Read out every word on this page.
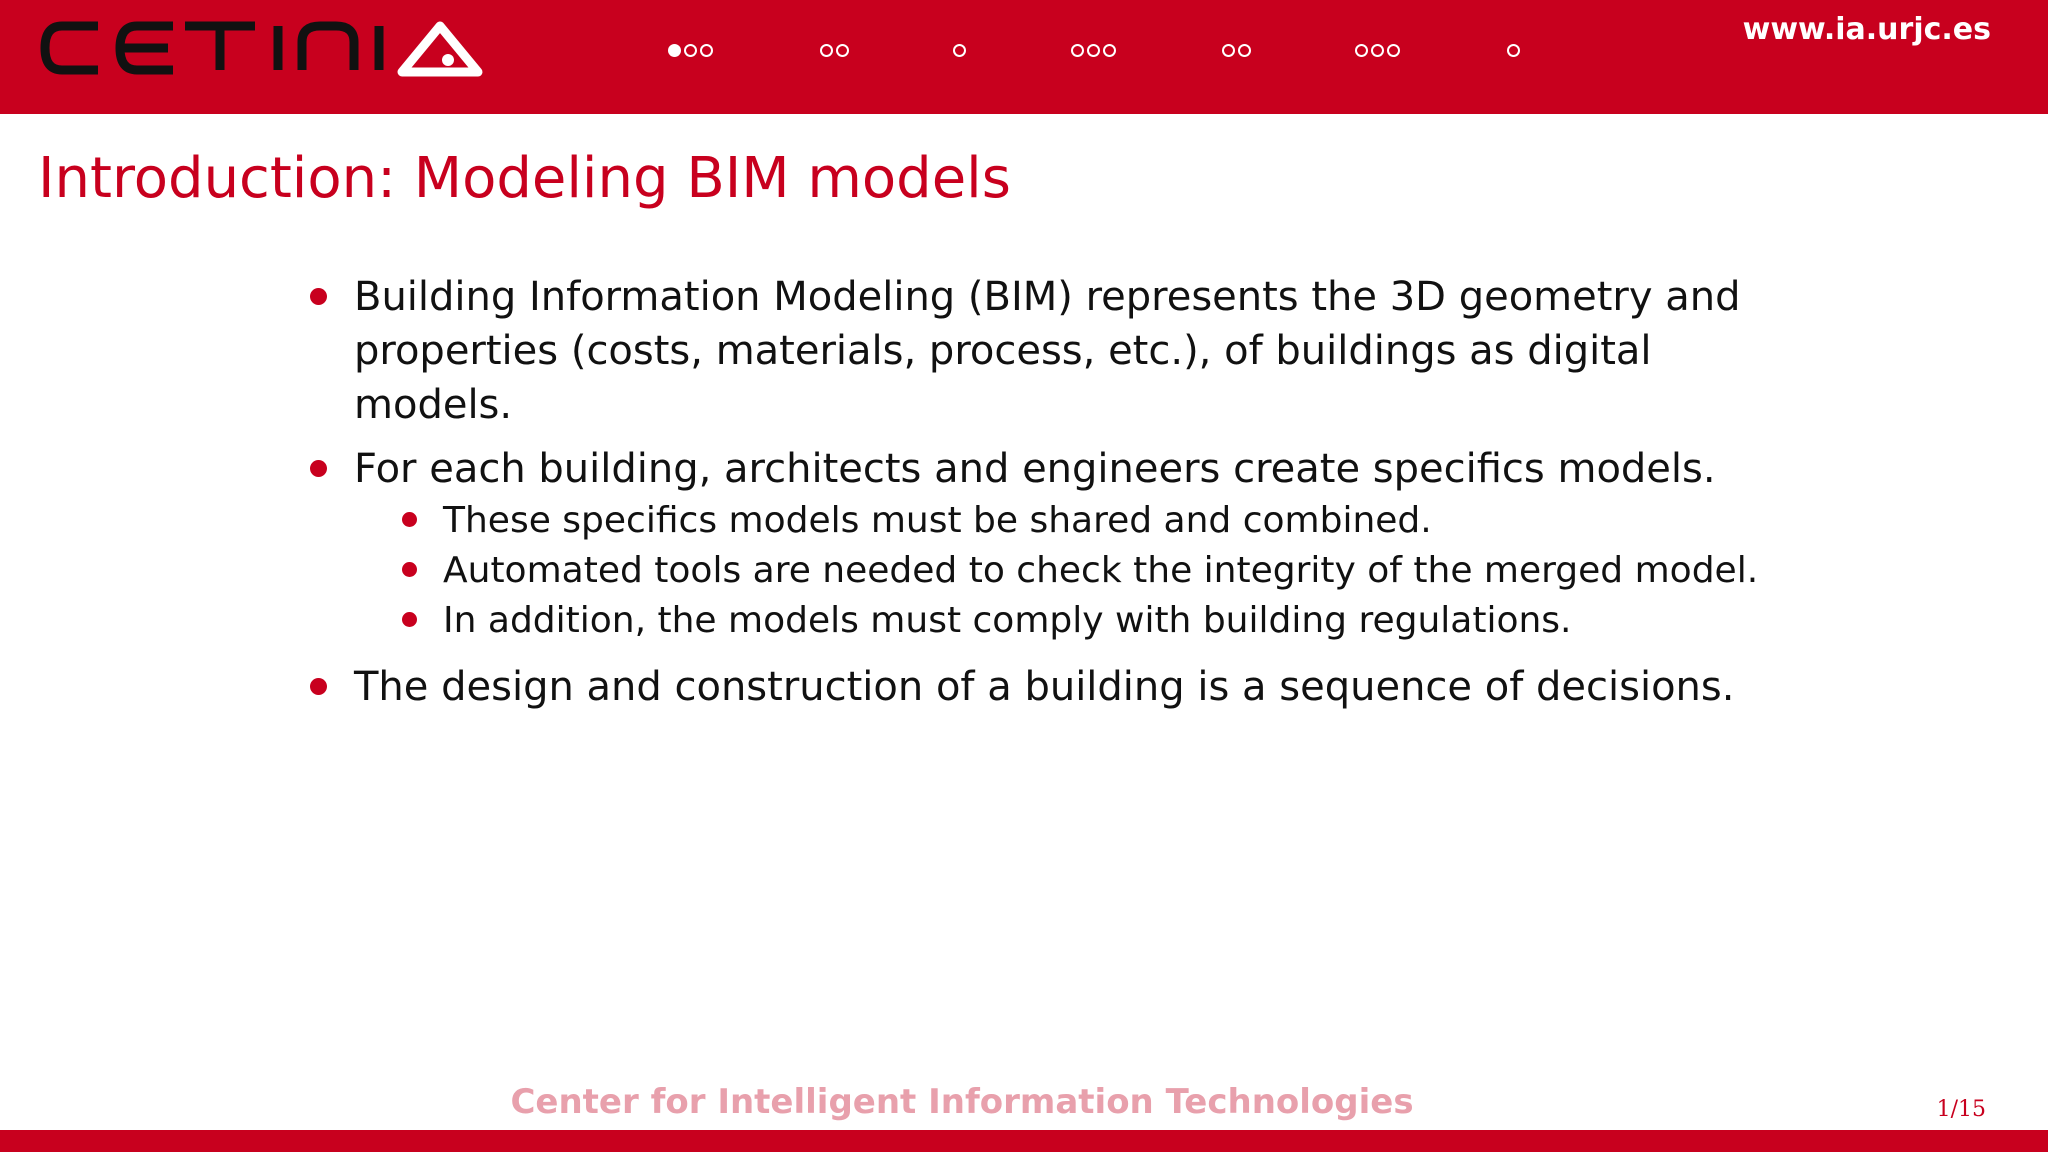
www.ia.urjc.es
Introduction: Modeling BIM models
Building Information Modeling (BIM) represents the 3D geometry and properties (costs, materials, process, etc.), of buildings as digital models.
For each building, architects and engineers create specifics models.
These specifics models must be shared and combined.
Automated tools are needed to check the integrity of the merged model.
In addition, the models must comply with building regulations.
The design and construction of a building is a sequence of decisions.
Center for Intelligent Information Technologies	1/15
